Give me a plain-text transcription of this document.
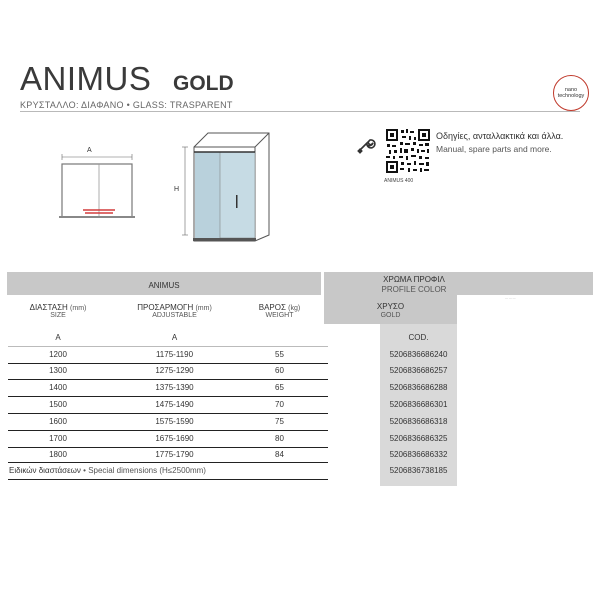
ANIMUS GOLD
ΚΡΥΣΤΑΛΛΟ: ΔΙΑΦΑΝΟ • GLASS: TRASPARENT
nano
technology
A
H
ANIMUS 400
Οδηγίες, ανταλλακτικά και άλλα.
Manual, spare parts and more.
— — —
ANIMUS
ΧΡΩΜΑ ΠΡΟΦΙΛ
PROFILE COLOR
ΧΡΥΣΟ
GOLD
ΔΙΑΣΤΑΣΗ (mm)
SIZE
ΠΡΟΣΑΡΜΟΓΗ (mm)
ADJUSTABLE
ΒΑΡΟΣ (kg)
WEIGHT
A	A	COD.
1200	1175-1190	55	5206836686240
1300	1275-1290	60	5206836686257
1400	1375-1390	65	5206836686288
1500	1475-1490	70	5206836686301
1600	1575-1590	75	5206836686318
1700	1675-1690	80	5206836686325
1800	1775-1790	84	5206836686332
Ειδικών διαστάσεων • Special dimensions (H≤2500mm)	5206836738185
